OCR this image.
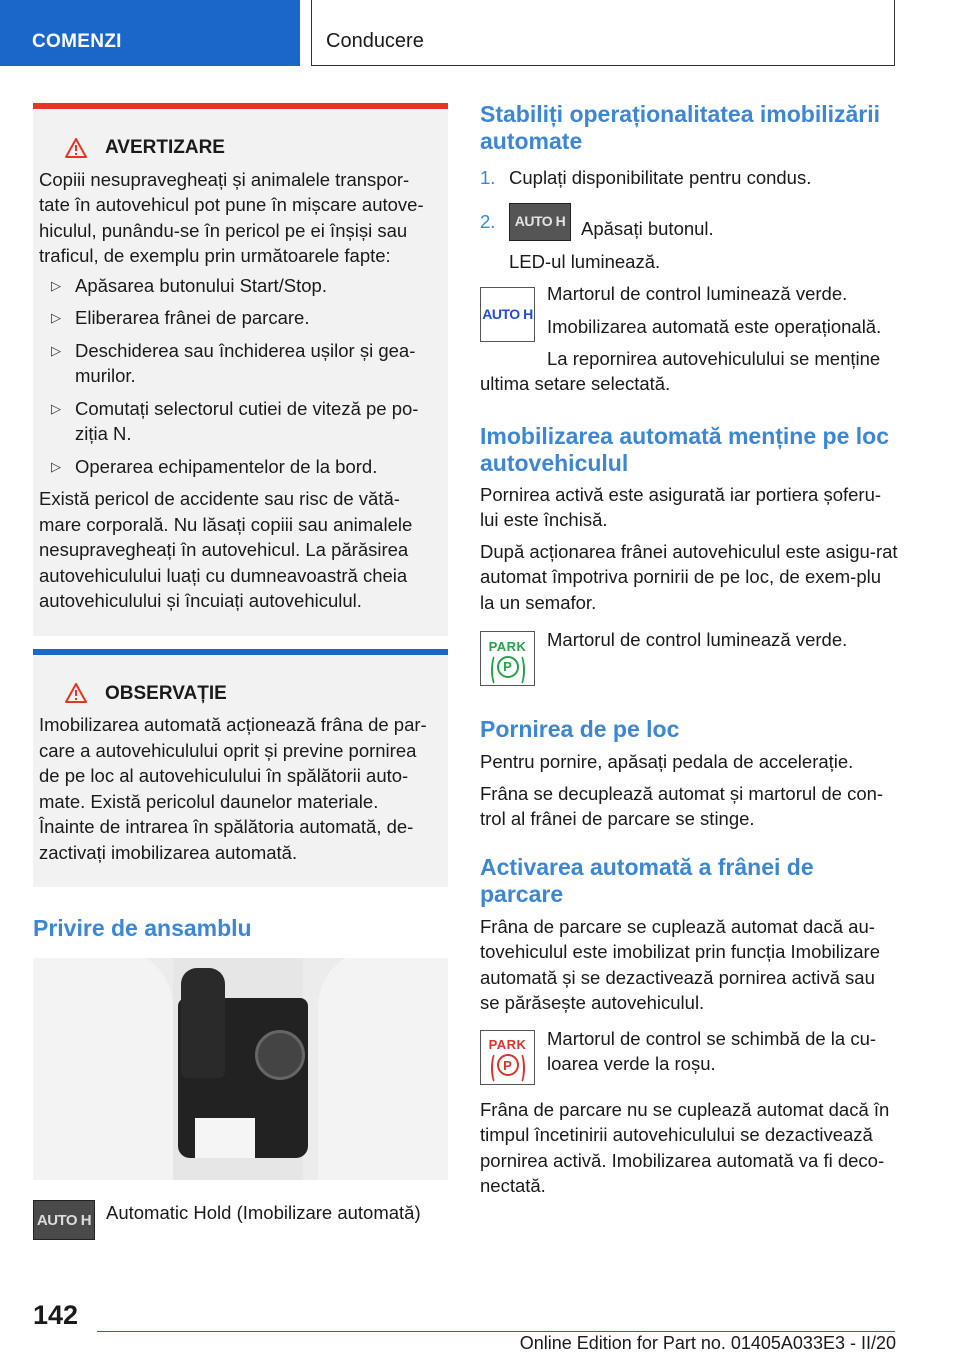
COMENZI	Conducere
AVERTIZARE

Copiii nesupravegheați și animalele transpor-tate în autovehicul pot pune în mișcare autove-hiculul, punându-se în pericol pe ei înșiși sau traficul, de exemplu prin următoarele fapte:

▷ Apăsarea butonului Start/Stop.
▷ Eliberarea frânei de parcare.
▷ Deschiderea sau închiderea ușilor și gea-murilor.
▷ Comutați selectorul cutiei de viteză pe po-ziția N.
▷ Operarea echipamentelor de la bord.

Există pericol de accidente sau risc de vătă-mare corporală. Nu lăsați copiii sau animalele nesupravegheați în autovehicul. La părăsirea autovehiculului luați cu dumneavoastră cheia autovehiculului și încuiați autovehiculul.

OBSERVAȚIE

Imobilizarea automată acționează frâna de par-care a autovehiculului oprit și previne pornirea de pe loc al autovehiculului în spălătorii auto-mate. Există pericolul daunelor materiale. Înainte de intrarea în spălătoria automată, de-zactivați imobilizarea automată.

Privire de ansamblu
AUTO H Automatic Hold (Imobilizare automată)
Stabiliți operaționalitatea imobilizării automate
1. Cuplați disponibilitate pentru condus.
2.	AUTO H Apăsați butonul.
LED-ul luminează.
AUTO H
Martorul de control luminează verde.
Imobilizarea automată este operațională.
La repornirea autovehiculului se menține ultima setare selectată.
Imobilizarea automată menține pe loc autovehiculul

Pornirea activă este asigurată iar portiera șoferu-lui este închisă.

După acționarea frânei autovehiculul este asigu-rat automat împotriva pornirii de pe loc, de exem-plu la un semafor.

PARK
P
Martorul de control luminează verde.
Pornirea de pe loc

Pentru pornire, apăsați pedala de accelerație.

Frâna se decuplează automat și martorul de con-trol al frânei de parcare se stinge.

Activarea automată a frânei de parcare

Frâna de parcare se cuplează automat dacă au-tovehiculul este imobilizat prin funcția Imobilizare automată și se dezactivează pornirea activă sau se părăsește autovehiculul.

PARK
P
Martorul de control se schimbă de la cu-loarea verde la roșu.

Frâna de parcare nu se cuplează automat dacă în timpul încetinirii autovehiculului se dezactivează pornirea activă. Imobilizarea automată va fi deco-nectată.

142
Online Edition for Part no. 01405A033E3 - II/20
